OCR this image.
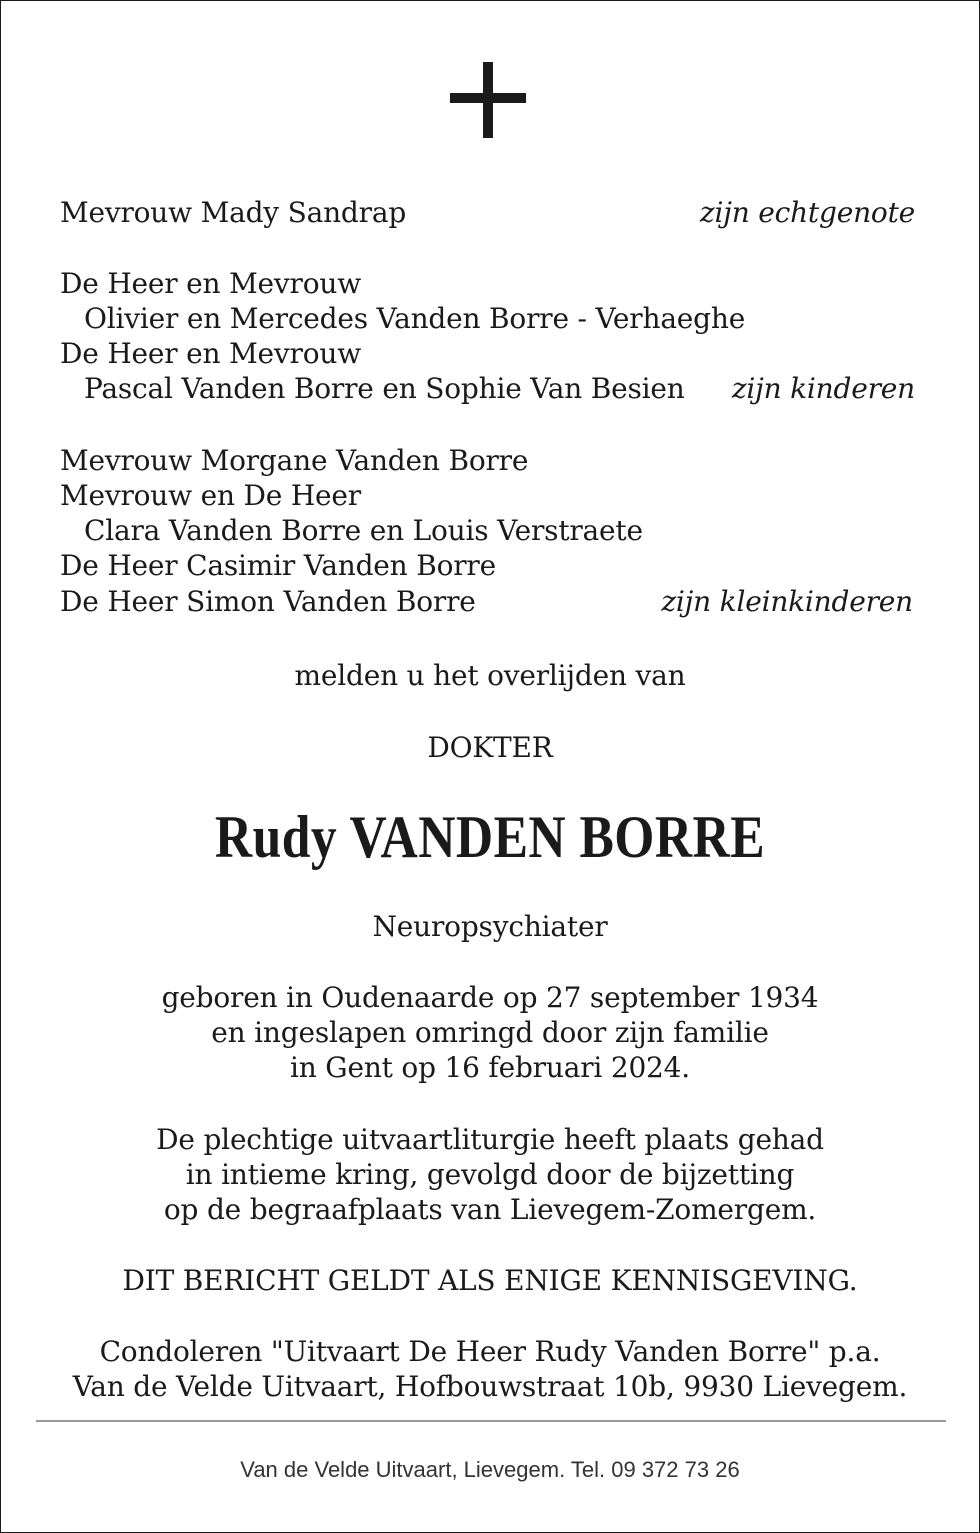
Mevrouw Mady Sandrap	zijn echtgenote
De Heer en Mevrouw
Olivier en Mercedes Vanden Borre - Verhaeghe
De Heer en Mevrouw
Pascal Vanden Borre en Sophie Van Besien zijn kinderen
Mevrouw Morgane Vanden Borre
Mevrouw en De Heer
Clara Vanden Borre en Louis Verstraete
De Heer Casimir Vanden Borre
De Heer Simon Vanden Borre	zijn kleinkinderen
melden u het overlijden van
DOKTER
Rudy VANDEN BORRE
Neuropsychiater
geboren in Oudenaarde op 27 september 1934
en ingeslapen omringd door zijn familie
in Gent op 16 februari 2024.
De plechtige uitvaartliturgie heeft plaats gehad
in intieme kring, gevolgd door de bijzetting
op de begraafplaats van Lievegem-Zomergem.
DIT BERICHT GELDT ALS ENIGE KENNISGEVING.
Condoleren "Uitvaart De Heer Rudy Vanden Borre" p.a.
Van de Velde Uitvaart, Hofbouwstraat 10b, 9930 Lievegem.
Van de Velde Uitvaart, Lievegem. Tel. 09 372 73 26
